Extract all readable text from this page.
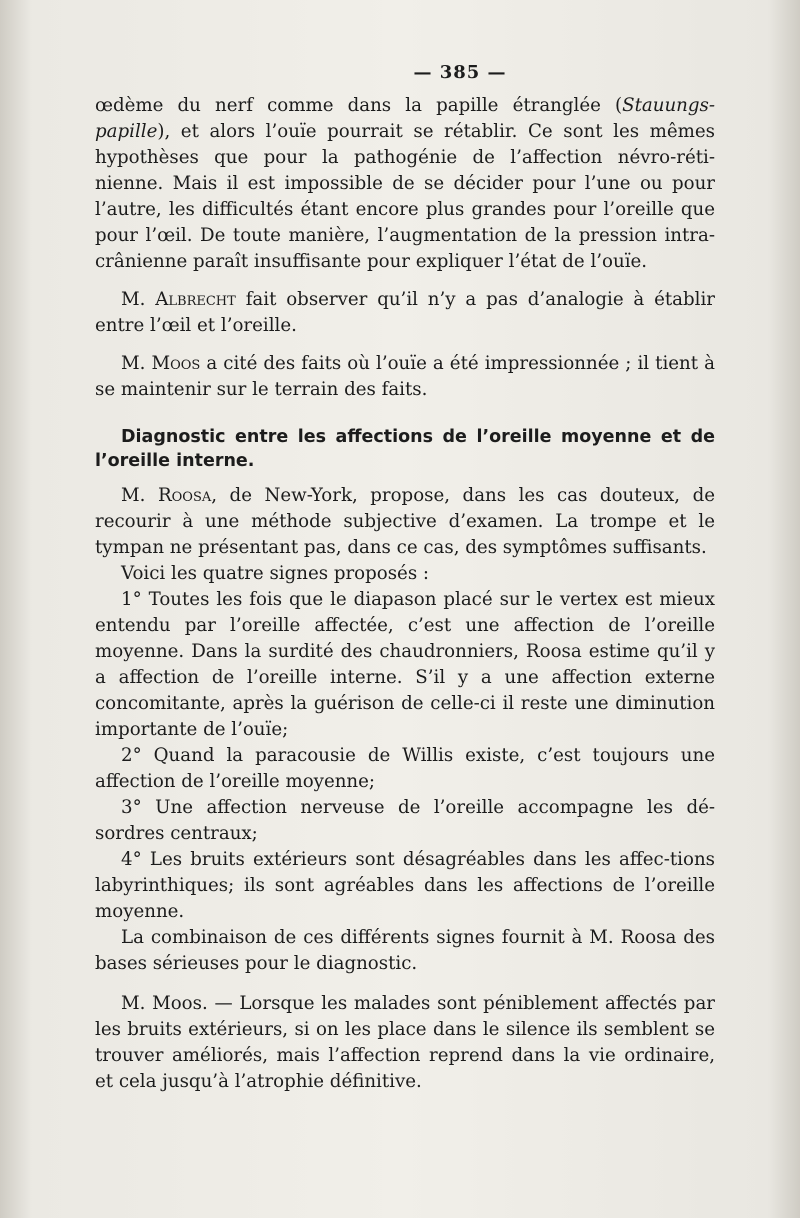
— 385 —

œdème du nerf comme dans la papille étranglée (Stauungs-papille), et alors l’ouïe pourrait se rétablir. Ce sont les mêmes hypothèses que pour la pathogénie de l’affection névro-réti-nienne. Mais il est impossible de se décider pour l’une ou pour l’autre, les difficultés étant encore plus grandes pour l’oreille que pour l’œil. De toute manière, l’augmentation de la pression intra-crânienne paraît insuffisante pour expliquer l’état de l’ouïe.

M. Albrecht fait observer qu’il n’y a pas d’analogie à établir entre l’œil et l’oreille.

M. Moos a cité des faits où l’ouïe a été impressionnée ; il tient à se maintenir sur le terrain des faits.

Diagnostic entre les affections de l’oreille moyenne et de l’oreille interne.

M. Roosa, de New-York, propose, dans les cas douteux, de recourir à une méthode subjective d’examen. La trompe et le tympan ne présentant pas, dans ce cas, des symptômes suffisants.

Voici les quatre signes proposés :

1° Toutes les fois que le diapason placé sur le vertex est mieux entendu par l’oreille affectée, c’est une affection de l’oreille moyenne. Dans la surdité des chaudronniers, Roosa estime qu’il y a affection de l’oreille interne. S’il y a une affection externe concomitante, après la guérison de celle-ci il reste une diminution importante de l’ouïe;

2° Quand la paracousie de Willis existe, c’est toujours une affection de l’oreille moyenne;

3° Une affection nerveuse de l’oreille accompagne les dé-sordres centraux;

4° Les bruits extérieurs sont désagréables dans les affec-tions labyrinthiques; ils sont agréables dans les affections de l’oreille moyenne.

La combinaison de ces différents signes fournit à M. Roosa des bases sérieuses pour le diagnostic.

M. Moos. — Lorsque les malades sont péniblement affectés par les bruits extérieurs, si on les place dans le silence ils semblent se trouver améliorés, mais l’affection reprend dans la vie ordinaire, et cela jusqu’à l’atrophie définitive.
